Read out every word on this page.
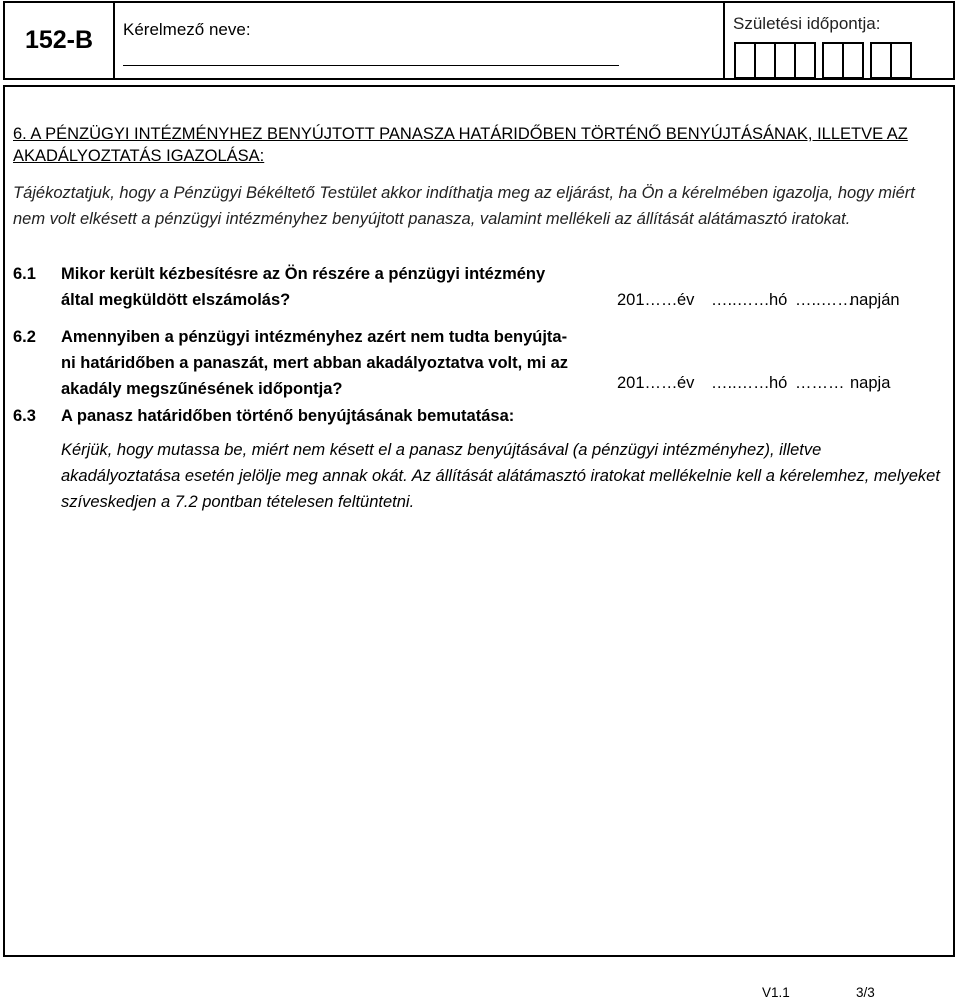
152-B	Kérelmező neve:	Születési időpontja:
6. A PÉNZÜGYI INTÉZMÉNYHEZ BENYÚJTOTT PANASZA HATÁRIDŐBEN TÖRTÉNŐ BENYÚJTÁSÁNAK, ILLETVE AZ AKADÁLYOZTATÁS IGAZOLÁSA:
Tájékoztatjuk, hogy a Pénzügyi Békéltető Testület akkor indíthatja meg az eljárást, ha Ön a kérelmében igazolja, hogy miért nem volt elkésett a pénzügyi intézményhez benyújtott panasza, valamint mellékeli az állítását alátámasztó iratokat.
6.1 Mikor került kézbesítésre az Ön részére a pénzügyi intézmény
által megküldött elszámolás?	201……év …..……hó …..……napján
6.2 Amennyiben a pénzügyi intézményhez azért nem tudta benyújta-
ni határidőben a panaszát, mert abban akadályoztatva volt, mi az
akadály megszűnésének időpontja?	201……év …..……hó ……… napja
6.3 A panasz határidőben történő benyújtásának bemutatása:
Kérjük, hogy mutassa be, miért nem késett el a panasz benyújtásával (a pénzügyi intézményhez), illetve akadályoztatása esetén jelölje meg annak okát. Az állítását alátámasztó iratokat mellékelnie kell a kérelemhez, melyeket szíveskedjen a 7.2 pontban tételesen feltüntetni.
V1.1	3/3
